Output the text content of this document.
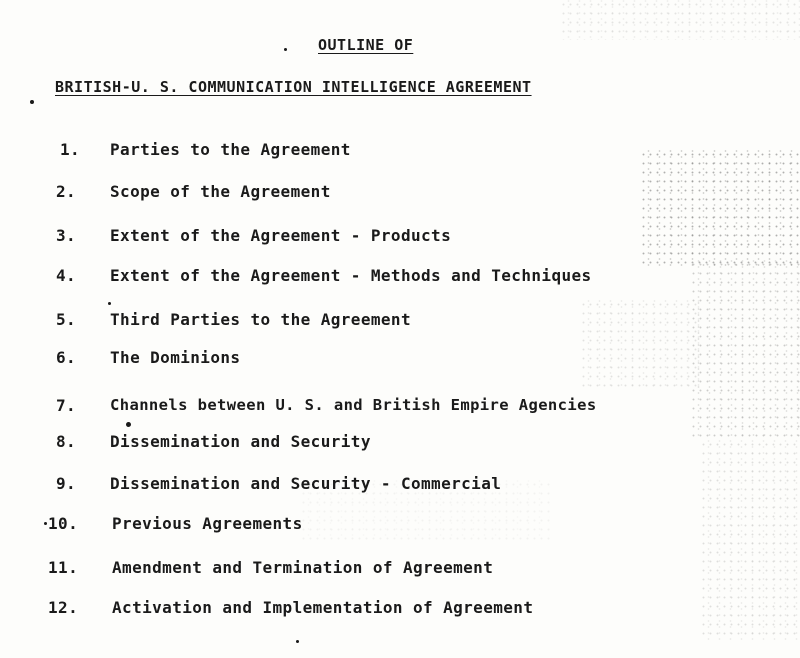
OUTLINE OF
BRITISH-U. S. COMMUNICATION INTELLIGENCE AGREEMENT
1. Parties to the Agreement
2. Scope of the Agreement
3. Extent of the Agreement - Products
4. Extent of the Agreement - Methods and Techniques
5. Third Parties to the Agreement
6. The Dominions
7. Channels between U. S. and British Empire Agencies
8. Dissemination and Security
9. Dissemination and Security - Commercial
10. Previous Agreements
11. Amendment and Termination of Agreement
12. Activation and Implementation of Agreement
